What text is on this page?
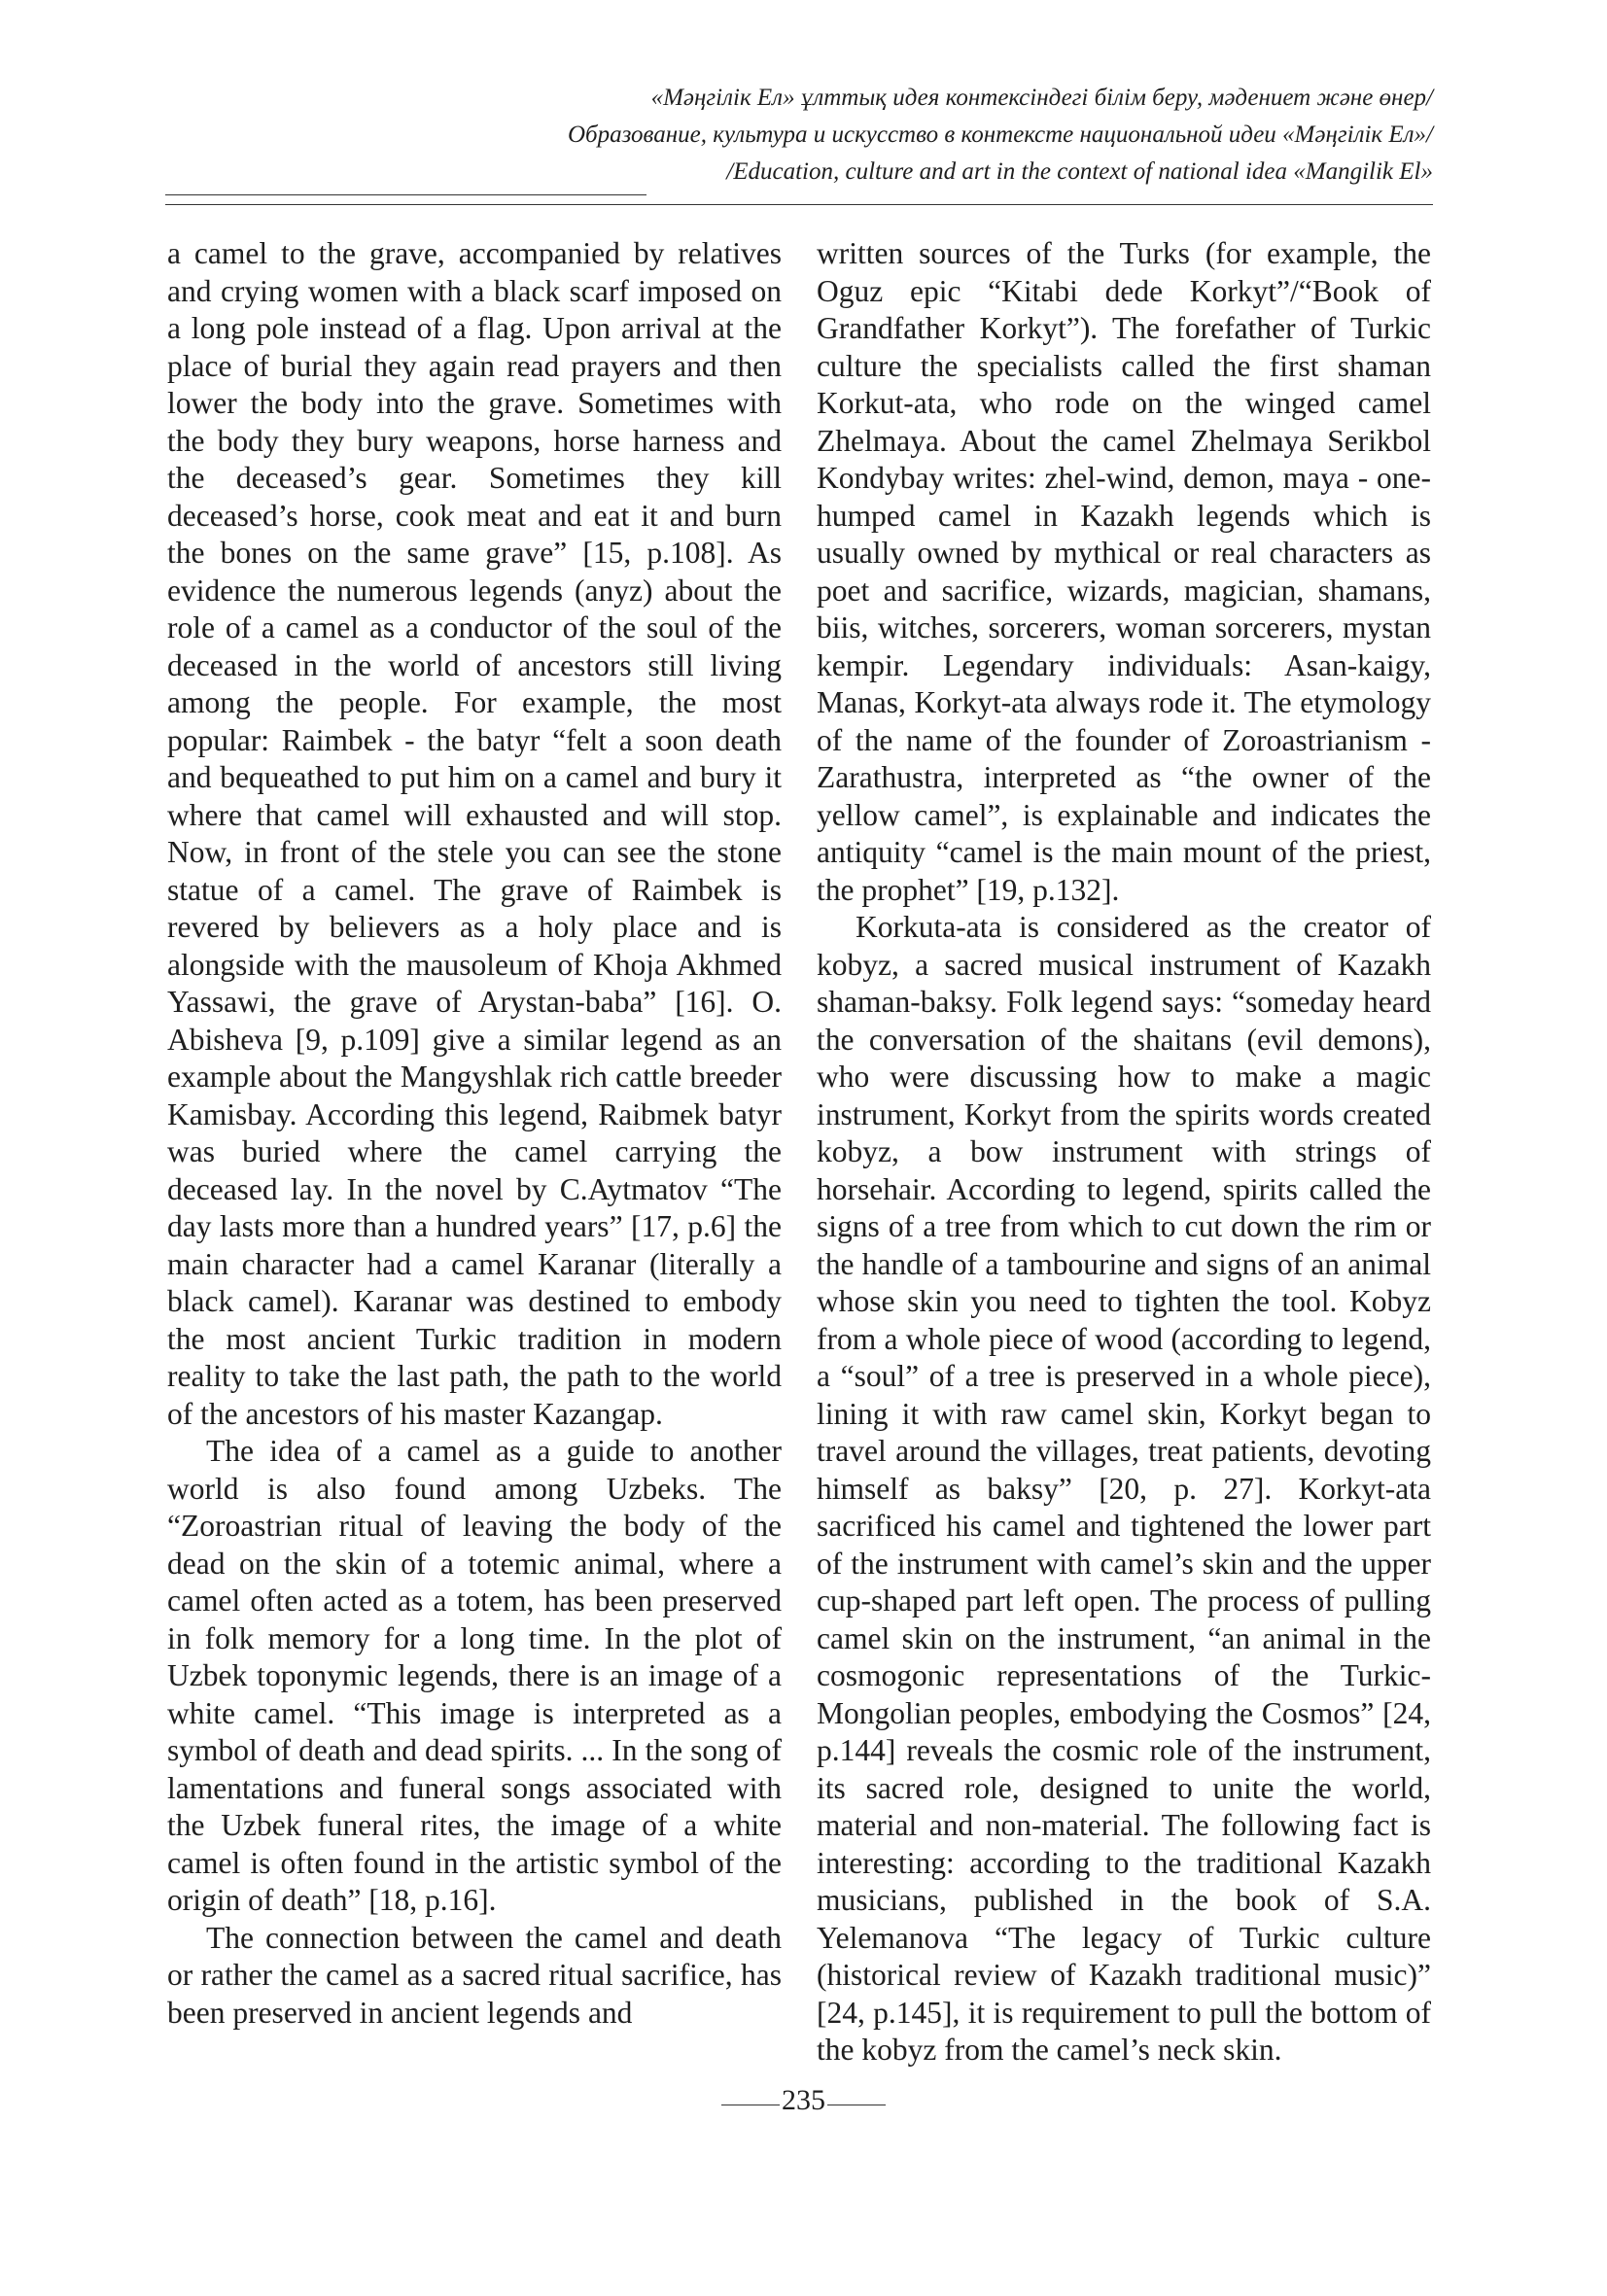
«Мәңгілік Ел» ұлттық идея контексіндегі білім беру, мәдениет және өнер/
Образование, культура и искусство в контексте национальной идеи «Мәңгілік Ел»/
/Education, culture and art in the context of national idea «Mangilik El»

a camel to the grave, accompanied by relatives and crying women with a black scarf imposed on a long pole instead of a flag. Upon arrival at the place of burial they again read prayers and then lower the body into the grave. Sometimes with the body they bury weapons, horse harness and the deceased’s gear. Sometimes they kill deceased’s horse, cook meat and eat it and burn the bones on the same grave” [15, p.108]. As evidence the numerous legends (anyz) about the role of a camel as a conductor of the soul of the deceased in the world of ancestors still living among the people. For example, the most popular: Raimbek - the batyr “felt a soon death and bequeathed to put him on a camel and bury it where that camel will exhausted and will stop. Now, in front of the stele you can see the stone statue of a camel. The grave of Raimbek is revered by believers as a holy place and is alongside with the mausoleum of Khoja Akhmed Yassawi, the grave of Arystan-baba” [16]. O. Abisheva [9, p.109] give a similar legend as an example about the Mangyshlak rich cattle breeder Kamisbay. According this legend, Raibmek batyr was buried where the camel carrying the deceased lay. In the novel by C.Aytmatov “The day lasts more than a hundred years” [17, p.6] the main character had a camel Karanar (literally a black camel). Karanar was destined to embody the most ancient Turkic tradition in modern reality to take the last path, the path to the world of the ancestors of his master Kazangap.

The idea of a camel as a guide to another world is also found among Uzbeks. The “Zoroastrian ritual of leaving the body of the dead on the skin of a totemic animal, where a camel often acted as a totem, has been preserved in folk memory for a long time. In the plot of Uzbek toponymic legends, there is an image of a white camel. “This image is interpreted as a symbol of death and dead spirits. ... In the song of lamentations and funeral songs associated with the Uzbek funeral rites, the image of a white camel is often found in the artistic symbol of the origin of death” [18, p.16].

The connection between the camel and death or rather the camel as a sacred ritual sacrifice, has been preserved in ancient legends and

written sources of the Turks (for example, the Oguz epic “Kitabi dede Korkyt”/“Book of Grandfather Korkyt”). The forefather of Turkic culture the specialists called the first shaman Korkut-ata, who rode on the winged camel Zhelmaya. About the camel Zhelmaya Serikbol Kondybay writes: zhel-wind, demon, maya - one-humped camel in Kazakh legends which is usually owned by mythical or real characters as poet and sacrifice, wizards, magician, shamans, biis, witches, sorcerers, woman sorcerers, mystan kempir. Legendary individuals: Asan-kaigy, Manas, Korkyt-ata always rode it. The etymology of the name of the founder of Zoroastrianism - Zarathustra, interpreted as “the owner of the yellow camel”, is explainable and indicates the antiquity “camel is the main mount of the priest, the prophet” [19, p.132].

Korkuta-ata is considered as the creator of kobyz, a sacred musical instrument of Kazakh shaman-baksy. Folk legend says: “someday heard the conversation of the shaitans (evil demons), who were discussing how to make a magic instrument, Korkyt from the spirits words created kobyz, a bow instrument with strings of horsehair. According to legend, spirits called the signs of a tree from which to cut down the rim or the handle of a tambourine and signs of an animal whose skin you need to tighten the tool. Kobyz from a whole piece of wood (according to legend, a “soul” of a tree is preserved in a whole piece), lining it with raw camel skin, Korkyt began to travel around the villages, treat patients, devoting himself as baksy” [20, p. 27]. Korkyt-ata sacrificed his camel and tightened the lower part of the instrument with camel’s skin and the upper cup-shaped part left open. The process of pulling camel skin on the instrument, “an animal in the cosmogonic representations of the Turkic-Mongolian peoples, embodying the Cosmos” [24, p.144] reveals the cosmic role of the instrument, its sacred role, designed to unite the world, material and non-material. The following fact is interesting: according to the traditional Kazakh musicians, published in the book of S.A. Yelemanova “The legacy of Turkic culture (historical review of Kazakh traditional music)” [24, p.145], it is requirement to pull the bottom of the kobyz from the camel’s neck skin.

235
